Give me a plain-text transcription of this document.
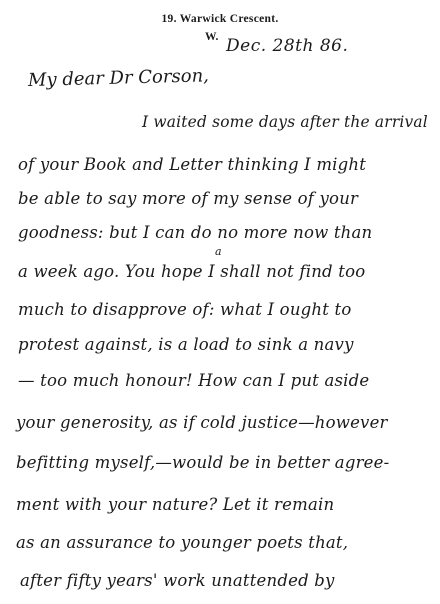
19. Warwick Crescent.
W. Dec. 28th 86.
My dear Dr Corson,
a
I waited some days after the arrival
of your Book and Letter thinking I might
be able to say more of my sense of your
goodness: but I can do no more now than
a week ago. You hope I shall not find too
much to disapprove of: what I ought to
protest against, is a load to sink a navy
— too much honour! How can I put aside
your generosity, as if cold justice—however
befitting myself,—would be in better agree-
ment with your nature? Let it remain
as an assurance to younger poets that,
after fifty years' work unattended by
